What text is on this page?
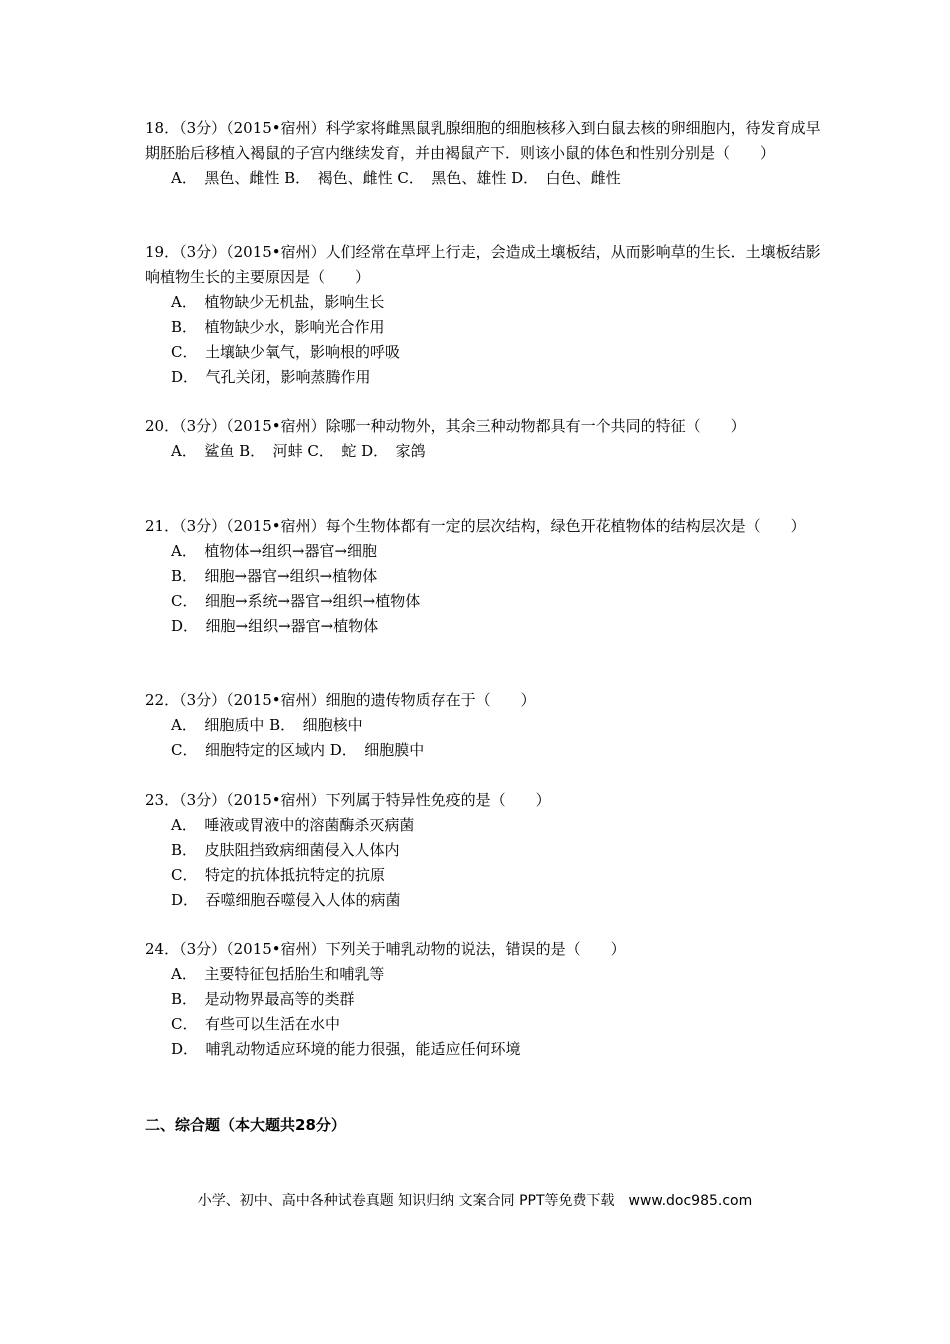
18．（3分）（2015•宿州）科学家将雌黑鼠乳腺细胞的细胞核移入到白鼠去核的卵细胞内，待发育成早期胚胎后移植入褐鼠的子宫内继续发育，并由褐鼠产下．则该小鼠的体色和性别分别是（　　）

A．　黑色、雌性 B．　褐色、雌性 C．　黑色、雄性 D．　白色、雌性

19．（3分）（2015•宿州）人们经常在草坪上行走，会造成土壤板结，从而影响草的生长．土壤板结影响植物生长的主要原因是（　　）

A．　植物缺少无机盐，影响生长

B．　植物缺少水，影响光合作用

C．　土壤缺少氧气，影响根的呼吸

D．　气孔关闭，影响蒸腾作用

20．（3分）（2015•宿州）除哪一种动物外，其余三种动物都具有一个共同的特征（　　）

A．　鲨鱼 B．　河蚌 C．　蛇 D．　家鸽

21．（3分）（2015•宿州）每个生物体都有一定的层次结构，绿色开花植物体的结构层次是（　　）

A．　植物体→组织→器官→细胞

B．　细胞→器官→组织→植物体

C．　细胞→系统→器官→组织→植物体

D．　细胞→组织→器官→植物体

22．（3分）（2015•宿州）细胞的遗传物质存在于（　　）

A．　细胞质中 B．　细胞核中

C．　细胞特定的区域内 D．　细胞膜中

23．（3分）（2015•宿州）下列属于特异性免疫的是（　　）

A．　唾液或胃液中的溶菌酶杀灭病菌

B．　皮肤阻挡致病细菌侵入人体内

C．　特定的抗体抵抗特定的抗原

D．　吞噬细胞吞噬侵入人体的病菌

24．（3分）（2015•宿州）下列关于哺乳动物的说法，错误的是（　　）

A．　主要特征包括胎生和哺乳等

B．　是动物界最高等的类群

C．　有些可以生活在水中

D．　哺乳动物适应环境的能力很强，能适应任何环境

二、综合题（本大题共28分）
小学、初中、高中各种试卷真题 知识归纳 文案合同 PPT等免费下载　www.doc985.com
